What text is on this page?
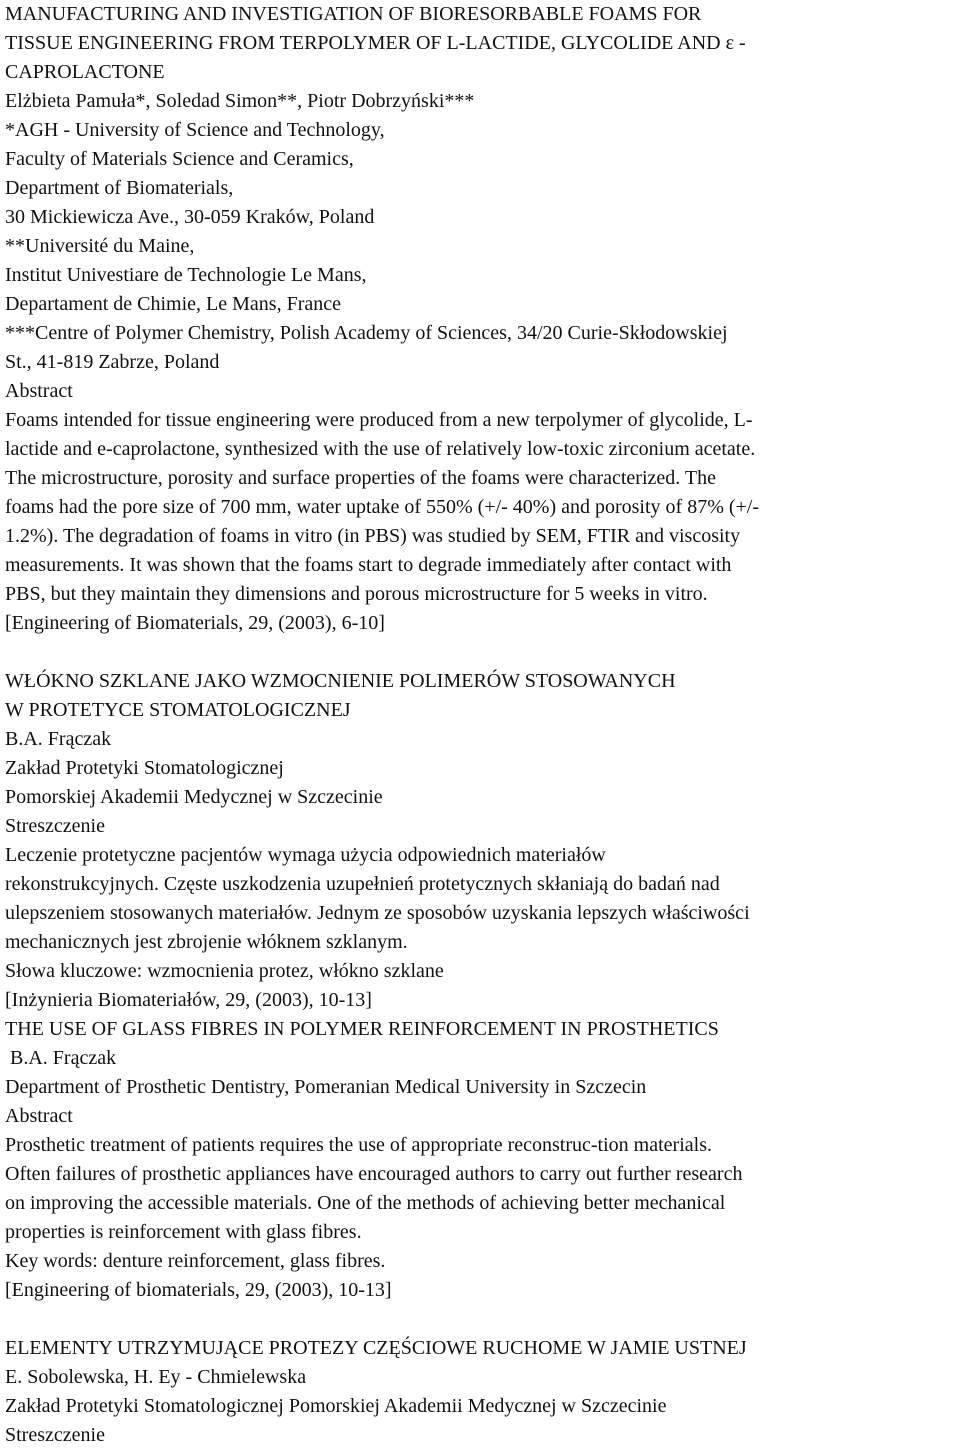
MANUFACTURING AND INVESTIGATION OF BIORESORBABLE FOAMS FOR
TISSUE ENGINEERING FROM TERPOLYMER OF L-LACTIDE, GLYCOLIDE AND ε -
CAPROLACTONE
Elżbieta Pamuła*, Soledad Simon**, Piotr Dobrzyński***
*AGH - University of Science and Technology,
Faculty of Materials Science and Ceramics,
Department of Biomaterials,
30 Mickiewicza Ave., 30-059 Kraków, Poland
**Université du Maine,
Institut Univestiare de Technologie Le Mans,
Departament de Chimie, Le Mans, France
***Centre of Polymer Chemistry, Polish Academy of Sciences, 34/20 Curie-Skłodowskiej
St., 41-819 Zabrze, Poland
Abstract
Foams intended for tissue engineering were produced from a new terpolymer of glycolide, L-
lactide and e-caprolactone, synthesized with the use of relatively low-toxic zirconium acetate.
The microstructure, porosity and surface properties of the foams were characterized. The
foams had the pore size of 700 mm, water uptake of 550% (+/- 40%) and porosity of 87% (+/-
1.2%). The degradation of foams in vitro (in PBS) was studied by SEM, FTIR and viscosity
measurements. It was shown that the foams start to degrade immediately after contact with
PBS, but they maintain they dimensions and porous microstructure for 5 weeks in vitro.
[Engineering of Biomaterials, 29, (2003), 6-10]
WŁÓKNO SZKLANE JAKO WZMOCNIENIE POLIMERÓW STOSOWANYCH
W PROTETYCE STOMATOLOGICZNEJ
B.A. Frączak
Zakład Protetyki Stomatologicznej
Pomorskiej Akademii Medycznej w Szczecinie
Streszczenie
Leczenie protetyczne pacjentów wymaga użycia odpowiednich materiałów
rekonstrukcyjnych. Częste uszkodzenia uzupełnień protetycznych skłaniają do badań nad
ulepszeniem stosowanych materiałów. Jednym ze sposobów uzyskania lepszych właściwości
mechanicznych jest zbrojenie włóknem szklanym.
Słowa kluczowe: wzmocnienia protez, włókno szklane
[Inżynieria Biomateriałów, 29, (2003), 10-13]
THE USE OF GLASS FIBRES IN POLYMER REINFORCEMENT IN PROSTHETICS
B.A. Frączak
Department of Prosthetic Dentistry, Pomeranian Medical University in Szczecin
Abstract
Prosthetic treatment of patients requires the use of appropriate reconstruc-tion materials.
Often failures of prosthetic appliances have encouraged authors to carry out further research
on improving the accessible materials. One of the methods of achieving better mechanical
properties is reinforcement with glass fibres.
Key words: denture reinforcement, glass fibres.
[Engineering of biomaterials, 29, (2003), 10-13]
ELEMENTY UTRZYMUJĄCE PROTEZY CZĘŚCIOWE RUCHOME W JAMIE USTNEJ
E. Sobolewska, H. Ey - Chmielewska
Zakład Protetyki Stomatologicznej Pomorskiej Akademii Medycznej w Szczecinie
Streszczenie
